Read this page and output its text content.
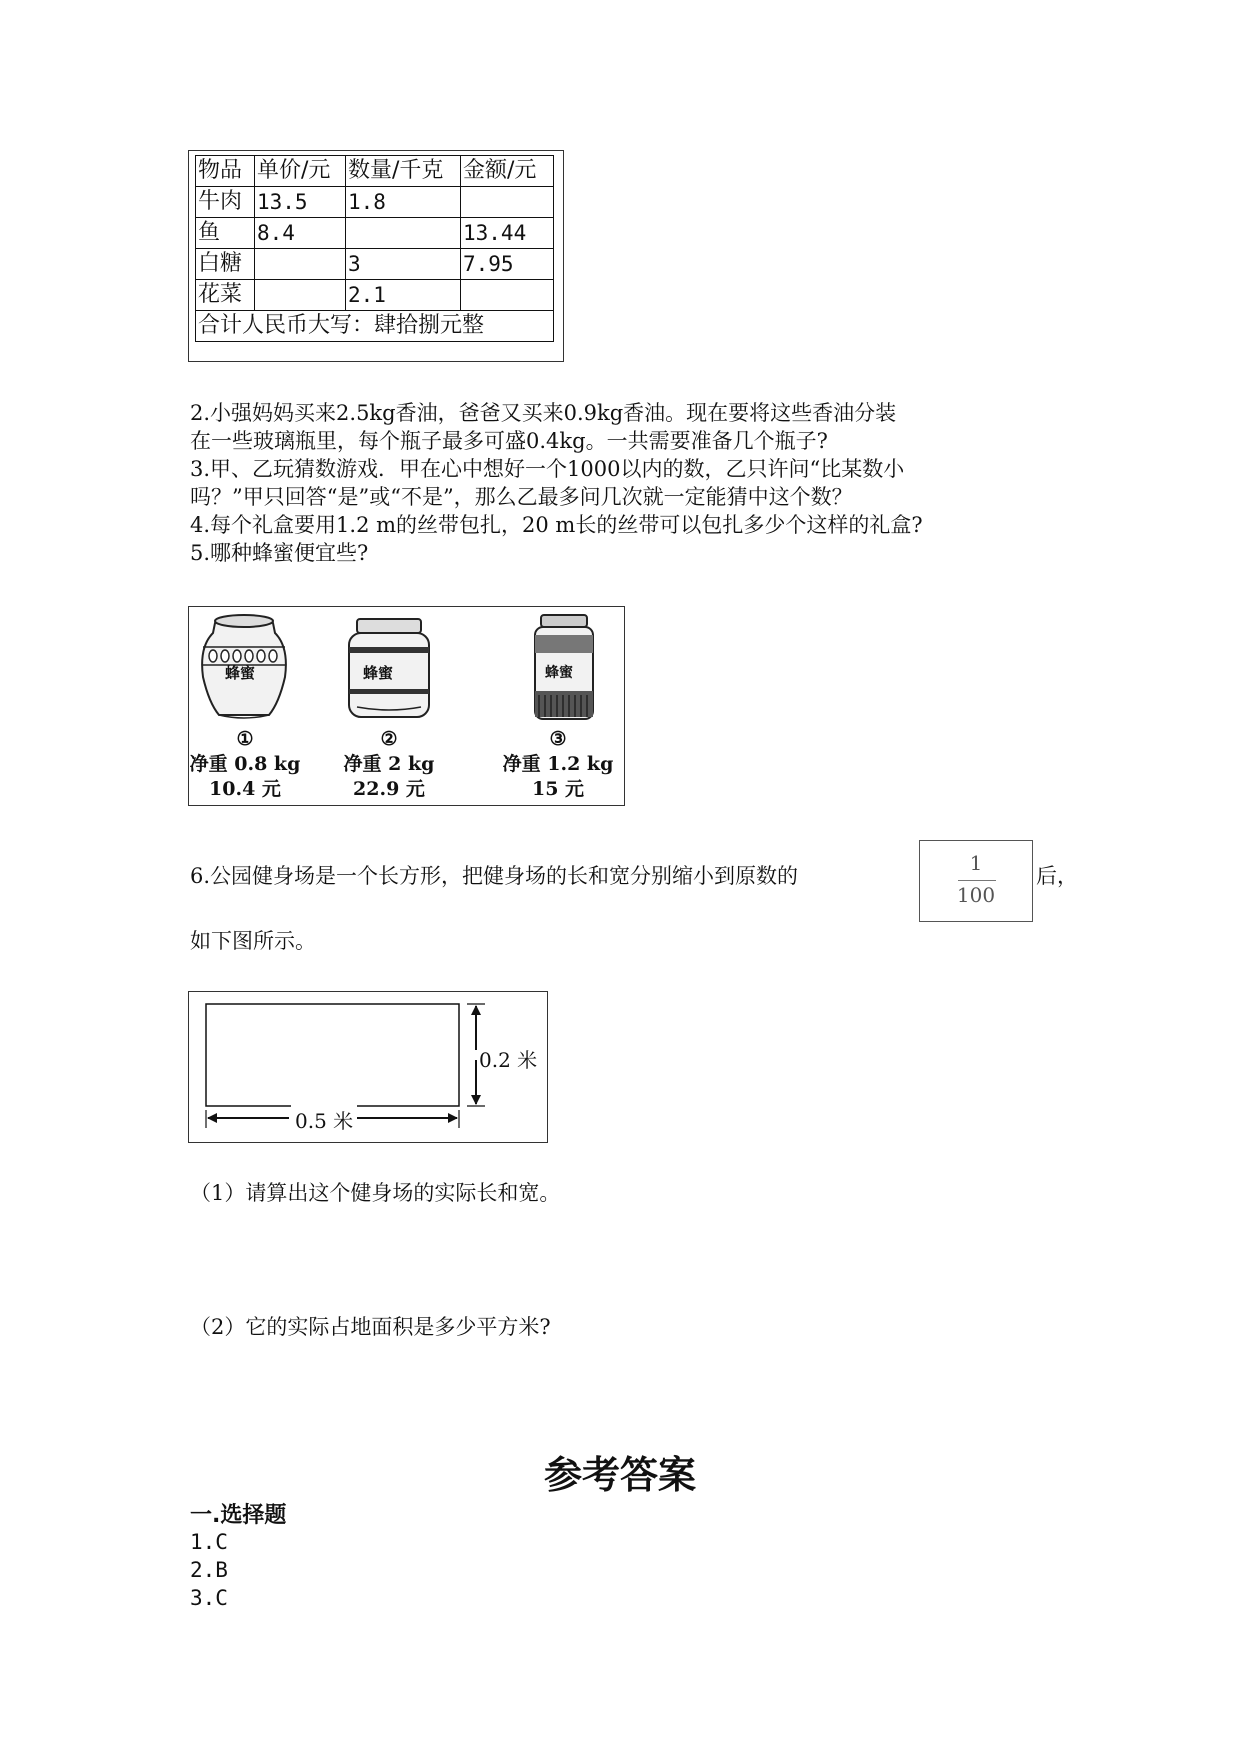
物品	单价/元	数量/千克	金额/元
牛肉	13.5	1.8	
鱼	8.4		13.44
白糖		3	7.95
花菜		2.1	
合计人民币大写：肆拾捌元整			
2.小强妈妈买来2.5kg香油，爸爸又买来0.9kg香油。现在要将这些香油分装
在一些玻璃瓶里，每个瓶子最多可盛0.4kg。一共需要准备几个瓶子?
3.甲、乙玩猜数游戏．甲在心中想好一个1000以内的数，乙只许问“比某数小
吗？”甲只回答“是”或“不是”，那么乙最多问几次就一定能猜中这个数？
4.每个礼盒要用1.2 m的丝带包扎，20 m长的丝带可以包扎多少个这样的礼盒?
5.哪种蜂蜜便宜些?
蜂蜜	蜂蜜	蜂蜜
①
净重 0.8 kg
10.4 元
②
净重 2 kg
22.9 元
③
净重 1.2 kg
15 元
6.公园健身场是一个长方形，把健身场的长和宽分别缩小到原数的
1
100
后，
如下图所示。
0.2 米
0.5 米
（1）请算出这个健身场的实际长和宽。
（2）它的实际占地面积是多少平方米?
参考答案
一.选择题
1.C
2.B
3.C
